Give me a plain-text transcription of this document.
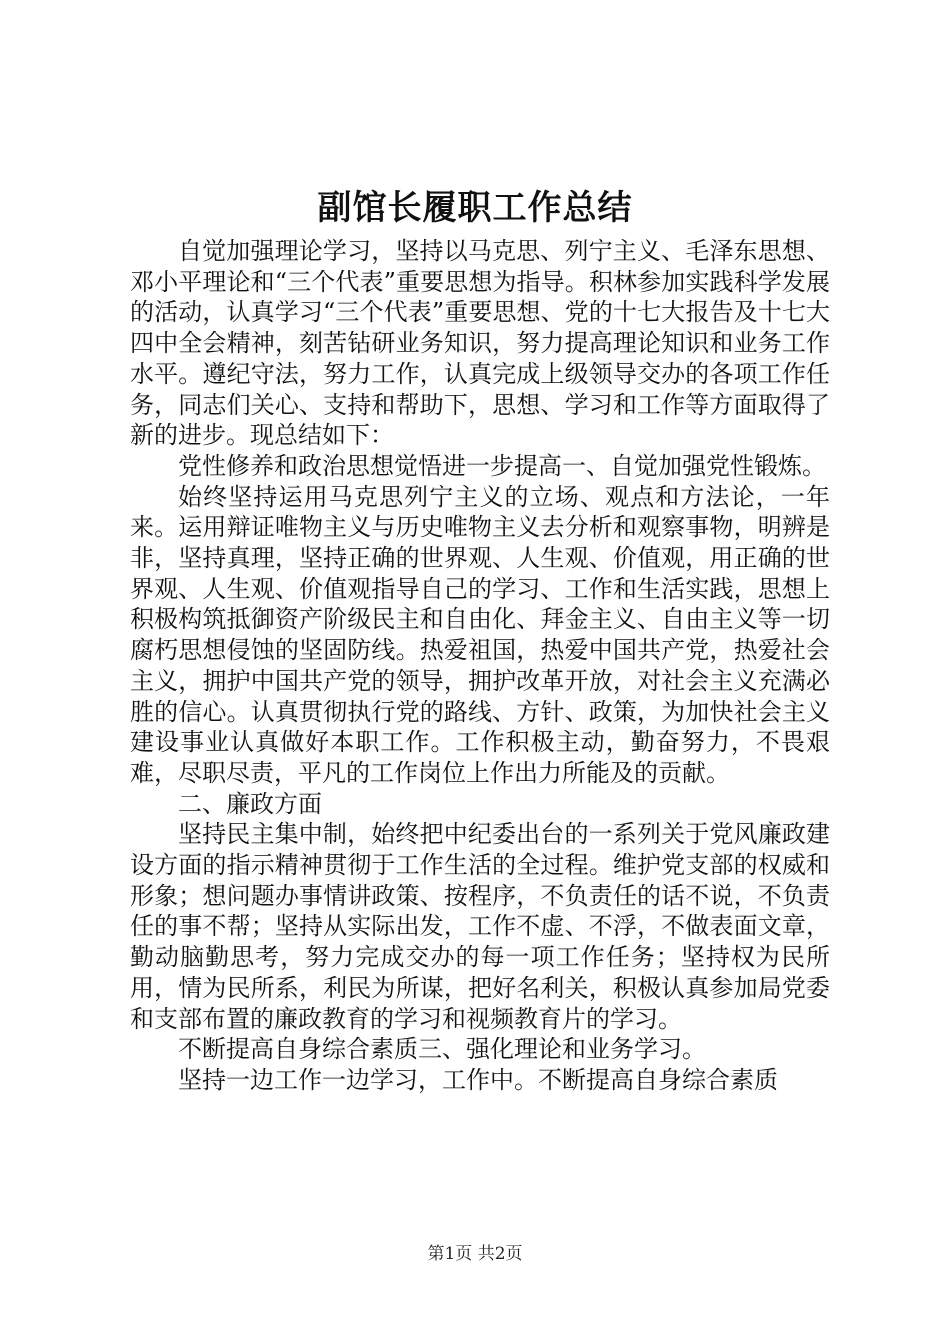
副馆长履职工作总结

自觉加强理论学习，坚持以马克思、列宁主义、毛泽东思想、邓小平理论和“三个代表”重要思想为指导。积林参加实践科学发展的活动，认真学习“三个代表”重要思想、党的十七大报告及十七大四中全会精神，刻苦钻研业务知识，努力提高理论知识和业务工作水平。遵纪守法，努力工作，认真完成上级领导交办的各项工作任务，同志们关心、支持和帮助下，思想、学习和工作等方面取得了新的进步。现总结如下：

党性修养和政治思想觉悟进一步提高一、自觉加强党性锻炼。

始终坚持运用马克思列宁主义的立场、观点和方法论，一年来。运用辩证唯物主义与历史唯物主义去分析和观察事物，明辨是非，坚持真理，坚持正确的世界观、人生观、价值观，用正确的世界观、人生观、价值观指导自己的学习、工作和生活实践，思想上积极构筑抵御资产阶级民主和自由化、拜金主义、自由主义等一切腐朽思想侵蚀的坚固防线。热爱祖国，热爱中国共产党，热爱社会主义，拥护中国共产党的领导，拥护改革开放，对社会主义充满必胜的信心。认真贯彻执行党的路线、方针、政策，为加快社会主义建设事业认真做好本职工作。工作积极主动，勤奋努力，不畏艰难，尽职尽责，平凡的工作岗位上作出力所能及的贡献。

二、廉政方面

坚持民主集中制，始终把中纪委出台的一系列关于党风廉政建设方面的指示精神贯彻于工作生活的全过程。维护党支部的权威和形象；想问题办事情讲政策、按程序，不负责任的话不说，不负责任的事不帮；坚持从实际出发，工作不虚、不浮，不做表面文章，勤动脑勤思考，努力完成交办的每一项工作任务；坚持权为民所用，情为民所系，利民为所谋，把好名利关，积极认真参加局党委和支部布置的廉政教育的学习和视频教育片的学习。

不断提高自身综合素质三、强化理论和业务学习。

坚持一边工作一边学习，工作中。不断提高自身综合素质

第1页 共2页
